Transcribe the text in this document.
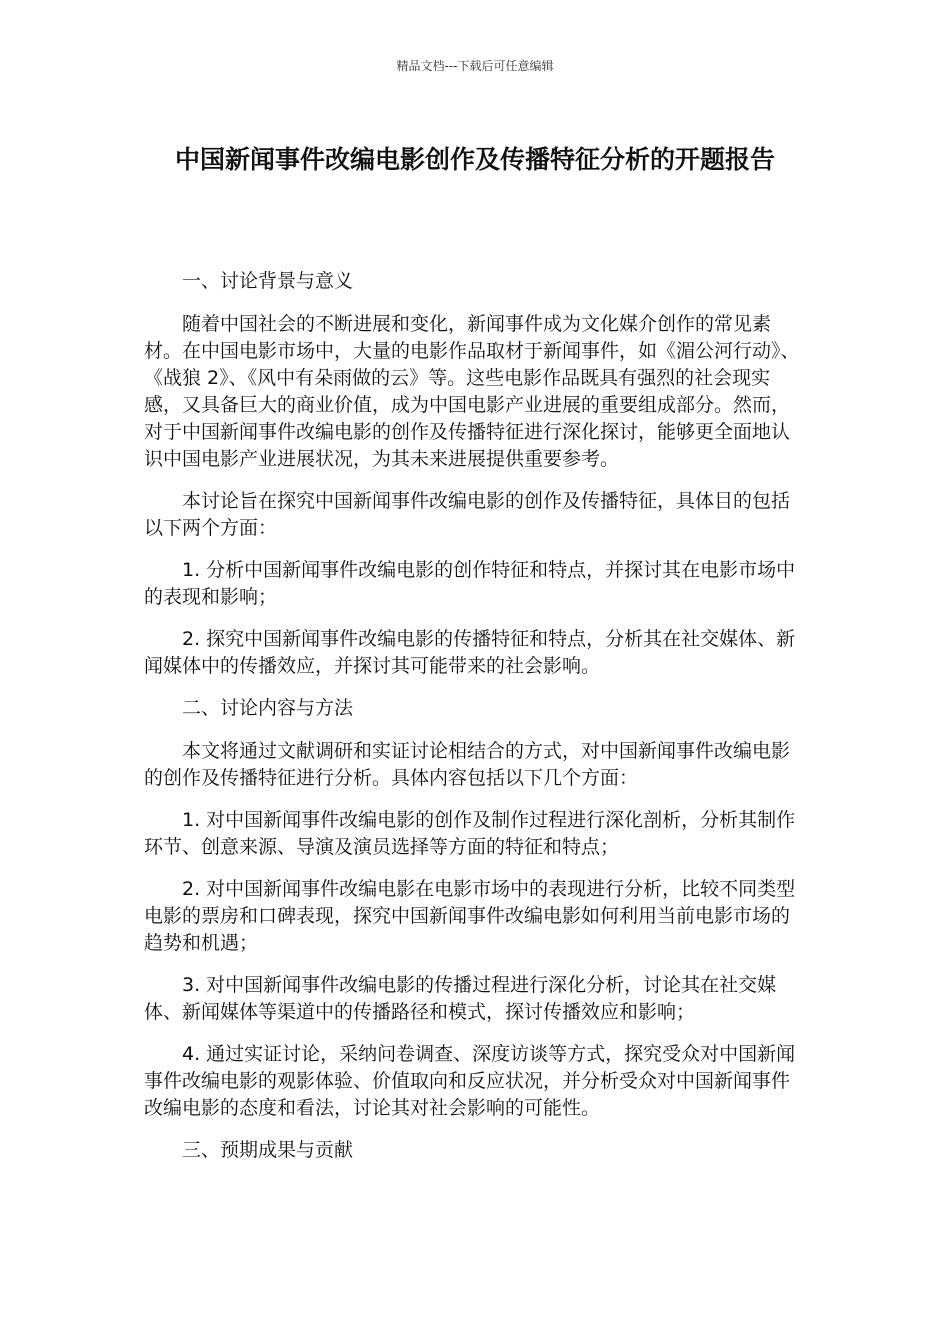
精品文档---下载后可任意编辑
中国新闻事件改编电影创作及传播特征分析的开题报告

一、讨论背景与意义

随着中国社会的不断进展和变化，新闻事件成为文化媒介创作的常见素材。在中国电影市场中，大量的电影作品取材于新闻事件，如《湄公河行动》、《战狼 2》、《风中有朵雨做的云》等。这些电影作品既具有强烈的社会现实感，又具备巨大的商业价值，成为中国电影产业进展的重要组成部分。然而，对于中国新闻事件改编电影的创作及传播特征进行深化探讨，能够更全面地认识中国电影产业进展状况，为其未来进展提供重要参考。

本讨论旨在探究中国新闻事件改编电影的创作及传播特征，具体目的包括以下两个方面：

1. 分析中国新闻事件改编电影的创作特征和特点，并探讨其在电影市场中的表现和影响；

2. 探究中国新闻事件改编电影的传播特征和特点，分析其在社交媒体、新闻媒体中的传播效应，并探讨其可能带来的社会影响。

二、讨论内容与方法

本文将通过文献调研和实证讨论相结合的方式，对中国新闻事件改编电影的创作及传播特征进行分析。具体内容包括以下几个方面：

1. 对中国新闻事件改编电影的创作及制作过程进行深化剖析，分析其制作环节、创意来源、导演及演员选择等方面的特征和特点；

2. 对中国新闻事件改编电影在电影市场中的表现进行分析，比较不同类型电影的票房和口碑表现，探究中国新闻事件改编电影如何利用当前电影市场的趋势和机遇；

3. 对中国新闻事件改编电影的传播过程进行深化分析，讨论其在社交媒体、新闻媒体等渠道中的传播路径和模式，探讨传播效应和影响；

4. 通过实证讨论，采纳问卷调查、深度访谈等方式，探究受众对中国新闻事件改编电影的观影体验、价值取向和反应状况，并分析受众对中国新闻事件改编电影的态度和看法，讨论其对社会影响的可能性。

三、预期成果与贡献
